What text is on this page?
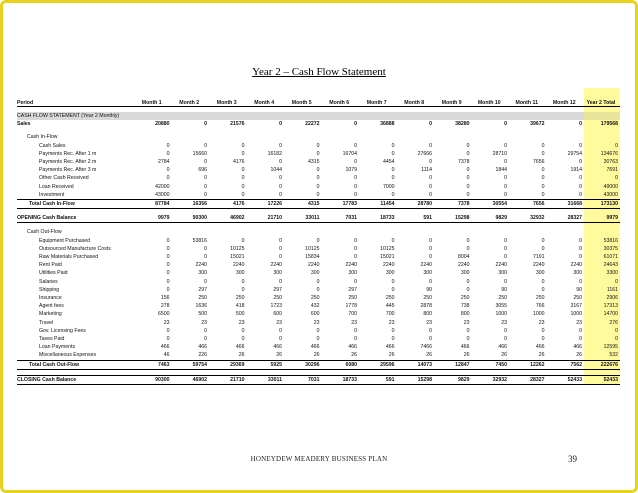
Year 2 – Cash Flow Statement
Period	Month 1	Month 2	Month 3	Month 4	Month 5	Month 6	Month 7	Month 8	Month 9	Month 10	Month 11	Month 12	Year 2 Total

CASH FLOW STATEMENT (Year 2 Monthly)													
Sales	20880	0	21576	0	22272	0	36888	0	38280	0	39672	0	179568

Cash In-Flow													
Cash Sales	0	0	0	0	0	0	0	0	0	0	0	0	0
Payments Rec. After 1 m	0	15660	0	16182	0	16704	0	27666	0	28710	0	29754	134676
Payments Rec. After 2 m	2784	0	4176	0	4315	0	4454	0	7378	0	7656	0	30763
Payments Rec. After 3 m	0	696	0	1044	0	1079	0	1114	0	1844	0	1914	7691
Other Cash Received	0	0	0	0	0	0	0	0	0	0	0	0	0
Loan Received	42000	0	0	0	0	0	7000	0	0	0	0	0	49000
Investment	43000	0	0	0	0	0	0	0	0	0	0	0	43000
Total Cash In-Flow	87784	16356	4176	17226	4315	17783	11454	28780	7378	30554	7656	31668	173130

OPENING Cash Balance	9979	90300	46902	21710	33011	7031	18733	591	15298	9829	32932	28327	9979

Cash Out-Flow													
Equipment Purchased	0	53816	0	0	0	0	0	0	0	0	0	0	53816
Outsourced Manufacture Costs	0	0	10125	0	10125	0	10125	0	0	0	0	0	30375
Raw Materials Purchased	0	0	15021	0	15834	0	15021	0	8004	0	7191	0	61071
Rent Paid	0	2240	2240	2240	2240	2240	2240	2240	2240	2240	2240	2240	24643
Utilities Paid	0	300	300	300	300	300	300	300	300	300	300	300	3300
Salaries	0	0	0	0	0	0	0	0	0	0	0	0	0
Shipping	0	297	0	297	0	297	0	90	0	90	0	90	1161
Insurance	156	250	250	250	250	250	250	250	250	250	250	250	2906
Agent fees	278	1636	418	1723	432	1778	445	2878	738	3055	766	3167	17313
Marketing	6500	500	500	600	600	700	700	800	800	1000	1000	1000	14700
Travel	23	23	23	23	23	23	23	23	23	23	23	23	276
Gov. Licensing Fees	0	0	0	0	0	0	0	0	0	0	0	0	0
Taxes Paid	0	0	0	0	0	0	0	0	0	0	0	0	0
Loan Payments	466	466	466	466	466	466	466	7466	466	466	466	466	12595
Miscellaneous Expenses	46	226	26	26	26	26	26	26	26	26	26	26	532
Total Cash Out-Flow	7463	59754	29369	5925	30296	6080	29596	14073	12847	7450	12262	7562	222676

CLOSING Cash Balance	90300	46902	21710	33011	7031	18733	591	15298	9829	32932	28327	52433	52433
HONEYDEW MEADERY BUSINESS PLAN	39
